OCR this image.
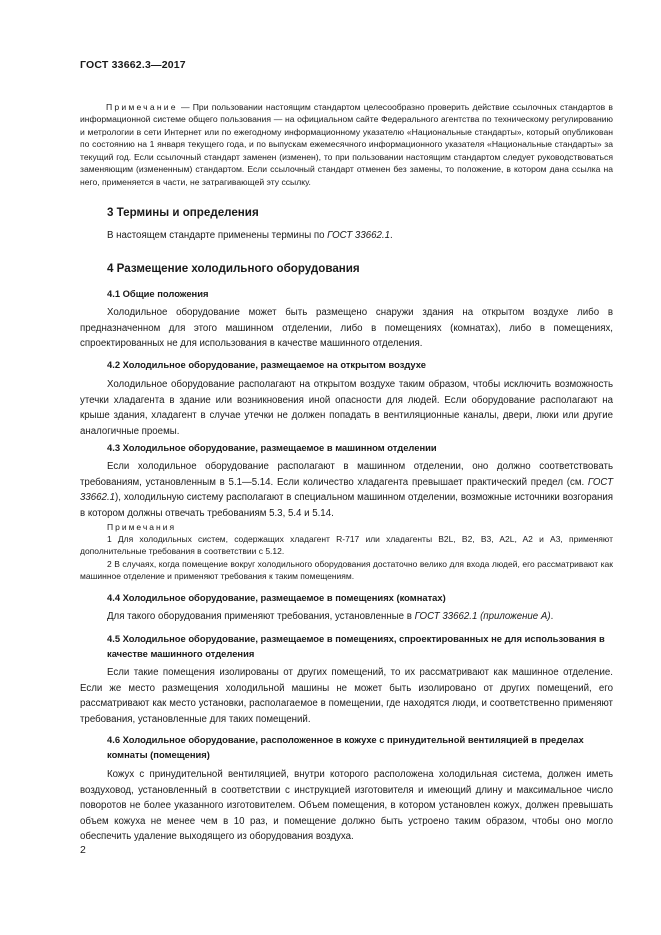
ГОСТ 33662.3—2017
Примечание — При пользовании настоящим стандартом целесообразно проверить действие ссылочных стандартов в информационной системе общего пользования — на официальном сайте Федерального агентства по техническому регулированию и метрологии в сети Интернет или по ежегодному информационному указателю «Национальные стандарты», который опубликован по состоянию на 1 января текущего года, и по выпускам ежемесячного информационного указателя «Национальные стандарты» за текущий год. Если ссылочный стандарт заменен (изменен), то при пользовании настоящим стандартом следует руководствоваться заменяющим (измененным) стандартом. Если ссылочный стандарт отменен без замены, то положение, в котором дана ссылка на него, применяется в части, не затрагивающей эту ссылку.
3 Термины и определения
В настоящем стандарте применены термины по ГОСТ 33662.1.
4 Размещение холодильного оборудования
4.1 Общие положения
Холодильное оборудование может быть размещено снаружи здания на открытом воздухе либо в предназначенном для этого машинном отделении, либо в помещениях (комнатах), либо в помещениях, спроектированных не для использования в качестве машинного отделения.
4.2 Холодильное оборудование, размещаемое на открытом воздухе
Холодильное оборудование располагают на открытом воздухе таким образом, чтобы исключить возможность утечки хладагента в здание или возникновения иной опасности для людей. Если оборудование располагают на крыше здания, хладагент в случае утечки не должен попадать в вентиляционные каналы, двери, люки или другие аналогичные проемы.
4.3 Холодильное оборудование, размещаемое в машинном отделении
Если холодильное оборудование располагают в машинном отделении, оно должно соответствовать требованиям, установленным в 5.1—5.14. Если количество хладагента превышает практический предел (см. ГОСТ 33662.1), холодильную систему располагают в специальном машинном отделении, возможные источники возгорания в котором должны отвечать требованиям 5.3, 5.4 и 5.14.
Примечания
1 Для холодильных систем, содержащих хладагент R-717 или хладагенты B2L, B2, B3, A2L, A2 и A3, применяют дополнительные требования в соответствии с 5.12.
2 В случаях, когда помещение вокруг холодильного оборудования достаточно велико для входа людей, его рассматривают как машинное отделение и применяют требования к таким помещениям.
4.4 Холодильное оборудование, размещаемое в помещениях (комнатах)
Для такого оборудования применяют требования, установленные в ГОСТ 33662.1 (приложение А).
4.5 Холодильное оборудование, размещаемое в помещениях, спроектированных не для использования в качестве машинного отделения
Если такие помещения изолированы от других помещений, то их рассматривают как машинное отделение. Если же место размещения холодильной машины не может быть изолировано от других помещений, его рассматривают как место установки, располагаемое в помещении, где находятся люди, и соответственно применяют требования, установленные для таких помещений.
4.6 Холодильное оборудование, расположенное в кожухе с принудительной вентиляцией в пределах комнаты (помещения)
Кожух с принудительной вентиляцией, внутри которого расположена холодильная система, должен иметь воздуховод, установленный в соответствии с инструкцией изготовителя и имеющий длину и максимальное число поворотов не более указанного изготовителем. Объем помещения, в котором установлен кожух, должен превышать объем кожуха не менее чем в 10 раз, и помещение должно быть устроено таким образом, чтобы оно могло обеспечить удаление выходящего из оборудования воздуха.
2
